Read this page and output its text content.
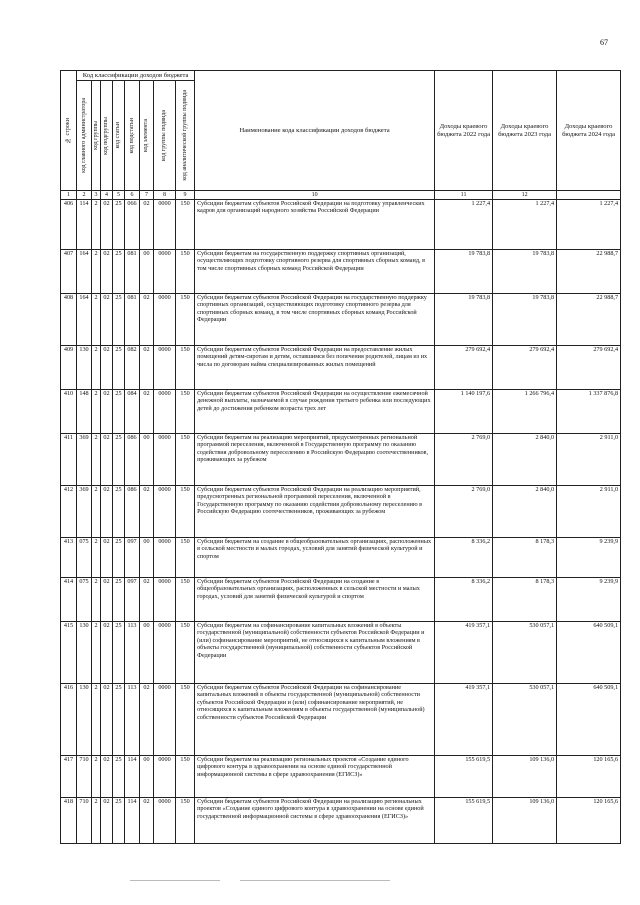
67
№ строки	Код классификации доходов бюджета								Наименование кода классификации доходов бюджета	Доходы краевого бюджета 2022 года	Доходы краевого бюджета 2023 года	Доходы краевого бюджета 2024 года

	код главного администратора	код группы	код подгруппы	код статьи	код подстатьи	код элемента	код группы подвида	код аналитической группы подвида				

1	2	3	4	5	6	7	8	9	10	11	12	
406	114	2	02	25	066	02	0000	150	Субсидии бюджетам субъектов Российской Федерации на подготовку управленческих кадров для организаций народного хозяйства Российской Федерации	1 227,4	1 227,4	1 227,4
407	164	2	02	25	081	00	0000	150	Субсидии бюджетам на государственную поддержку спортивных организаций, осуществляющих подготовку спортивного резерва для спортивных сборных команд, в том числе спортивных сборных команд Российской Федерации	19 783,8	19 783,8	22 988,7
408	164	2	02	25	081	02	0000	150	Субсидии бюджетам субъектов Российской Федерации на государственную поддержку спортивных организаций, осуществляющих подготовку спортивного резерва для спортивных сборных команд, в том числе спортивных сборных команд Российской Федерации	19 783,8	19 783,8	22 988,7
409	130	2	02	25	082	02	0000	150	Субсидии бюджетам субъектов Российской Федерации на предоставление жилых помещений детям-сиротам и детям, оставшимся без попечения родителей, лицам из их числа по договорам найма специализированных жилых помещений	279 692,4	279 692,4	279 692,4
410	148	2	02	25	084	02	0000	150	Субсидии бюджетам субъектов Российской Федерации на осуществление ежемесячной денежной выплаты, назначаемой в случае рождения третьего ребенка или последующих детей до достижения ребенком возраста трех лет	1 140 197,6	1 266 796,4	1 337 876,8
411	369	2	02	25	086	00	0000	150	Субсидии бюджетам на реализацию мероприятий, предусмотренных региональной программой переселения, включенной в Государственную программу по оказанию содействия добровольному переселению в Российскую Федерацию соотечественников, проживающих за рубежом	2 769,0	2 840,0	2 911,0
412	369	2	02	25	086	02	0000	150	Субсидии бюджетам субъектов Российской Федерации на реализацию мероприятий, предусмотренных региональной программой переселения, включенной в Государственную программу по оказанию содействия добровольному переселению в Российскую Федерацию соотечественников, проживающих за рубежом	2 769,0	2 840,0	2 911,0
413	075	2	02	25	097	00	0000	150	Субсидии бюджетам на создание в общеобразовательных организациях, расположенных в сельской местности и малых городах, условий для занятий физической культурой и спортом	8 336,2	8 178,3	9 239,9
414	075	2	02	25	097	02	0000	150	Субсидии бюджетам субъектов Российской Федерации на создание в общеобразовательных организациях, расположенных в сельской местности и малых городах, условий для занятий физической культурой и спортом	8 336,2	8 178,3	9 239,9
415	130	2	02	25	113	00	0000	150	Субсидии бюджетам на софинансирование капитальных вложений в объекты государственной (муниципальной) собственности субъектов Российской Федерации и (или) софинансирование мероприятий, не относящихся к капитальным вложениям в объекты государственной (муниципальной) собственности субъектов Российской Федерации	419 357,1	530 057,1	640 509,1
416	130	2	02	25	113	02	0000	150	Субсидии бюджетам субъектов Российской Федерации на софинансирование капитальных вложений в объекты государственной (муниципальной) собственности субъектов Российской Федерации и (или) софинансирование мероприятий, не относящихся к капитальным вложениям в объекты государственной (муниципальной) собственности субъектов Российской Федерации	419 357,1	530 057,1	640 509,1
417	710	2	02	25	114	00	0000	150	Субсидии бюджетам на реализацию региональных проектов «Создание единого цифрового контура в здравоохранении на основе единой государственной информационной системы в сфере здравоохранения (ЕГИСЗ)»	155 619,5	109 136,0	120 165,6
418	710	2	02	25	114	02	0000	150	Субсидии бюджетам субъектов Российской Федерации на реализацию региональных проектов «Создание единого цифрового контура в здравоохранении на основе единой государственной информационной системы в сфере здравоохранения (ЕГИСЗ)»	155 619,5	109 136,0	120 165,6
